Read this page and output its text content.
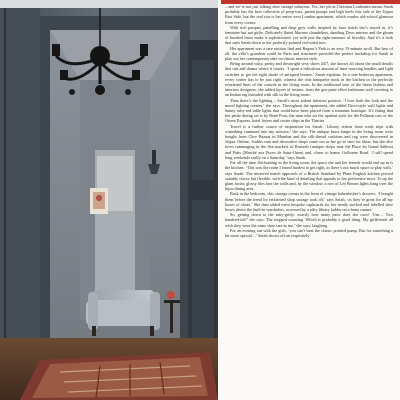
– and we’re not just talking shoe storage solutions. Yes, her job at Christian Louboutin means Sarah probably has the best collection of peep-toes, patent pumps and high heels this side of the Upper East Side, but the real star is her entire west London apartment, which exudes old-school glamour from every corner.

With rich parquet, panelling and deep grey walls inspired by luxe hotels she’s stayed in, it’s feminine but not girlie. Delicately fluted Murano chandeliers, dazzling Deco mirrors and the gleam of brushed brass make it sophisticated, yet with just the right measure of frivolity. And it’s a look that suits Sarah down to her perfectly pointed red-soled toes.

Her apartment was a rare auction find and Regent’s Park is an easy 15-minute stroll. But best of all, the villa’s grandeur could be Paris and structures provided the perfect backdrop for Sarah to play out her contemporary take on classic interior style.

Being around witty, pretty and downright sexy shoes 24/7, she knows all about the small details that can add drama where it counts. ‘I spent a ridiculous amount of time sourcing handles and light switches to get the right shade of antiqued bronze,’ Sarah explains. In a one-bedroom apartment, every corner has to be just right: witness the chic banquette nook in the kitchen or the perfectly restrained lines of the console in the living room. In the traditional vein of the finest fashion and interiors designers, she added layers of texture, from the geo-print-effect bathroom wall covering to an Indian rug threaded with silk in the living room.

Then there’s the lighting – Sarah’s most ardent interiors passion. ‘I love both the look and the mood lighting creates,’ she says. Throughout the apartment, she added Deco-style wall lights and dainty ruby-red table lights that could have been placed from a romantic boutique. It’s fitting that her petite dining set is by René Prou, the man who set the opulent style for the Pullman cars of the Orient Express, hotel foyers and cruise ships in the Thirties.

Travel is a further source of inspiration for Sarah. ‘Library retreat from work trips with something crammed into my suitcase,’ she says. The antique brass lamps in the living room were bought from Chor Bazaar in Mumbai and the silk-thread cushions and rug were discovered in Jaipur. Online, 1stdibs.com and decorative shops come out as her go-to sites for ideas, but she also loves rummaging in the flea markets of Brussels (antique shops near the Place du Grand Sablon) and Paris (Marché aux Puces de Saint-Ouen) and, closer to home, Golborne Road. ‘I still spend long weekends really on a Saturday,’ says Sarah.

For all the time flat-hunting in the living room, the space she and her friends would end up in is the kitchen. ‘This was the room I found hardest to get right, as there’s not much space to play with,’ says Sarah. The mirrored match approach of a British Standard by Plain English kitchen proved suitably classy but flexible, with the kind of detailing that appeals to her preference most. To up the glam factor, glossy tiles line the walls and, by the window, a row of Lee Broom lights hang over the bijou dining area.

Back in the bedroom, chic storage comes in the form of vintage haberdasher’s drawers. ‘I bought them before the trend for reclaimed shop storage took off,’ says Sarah, ‘as they’re great for all my boxes of shoes.’ She then added extra bespoke cupboards for her neatly stacked and labelled shoe boxes above the built-in wardrobes, accessed by a nifty library ladder on a brass runner.

So, getting down to the nitty-gritty: exactly how many pairs does she own? ‘Um… Two hundred-ish?’ she says. The stopped counting. Which is probably a good thing. My girlfriends all wish they were the same shoe size as me,’ she says, laughing.

For an evening out with the girls, ‘you can’t beat the classic pointed pump. But for something a bit more special…’ Sarah shows off an exquisitely
